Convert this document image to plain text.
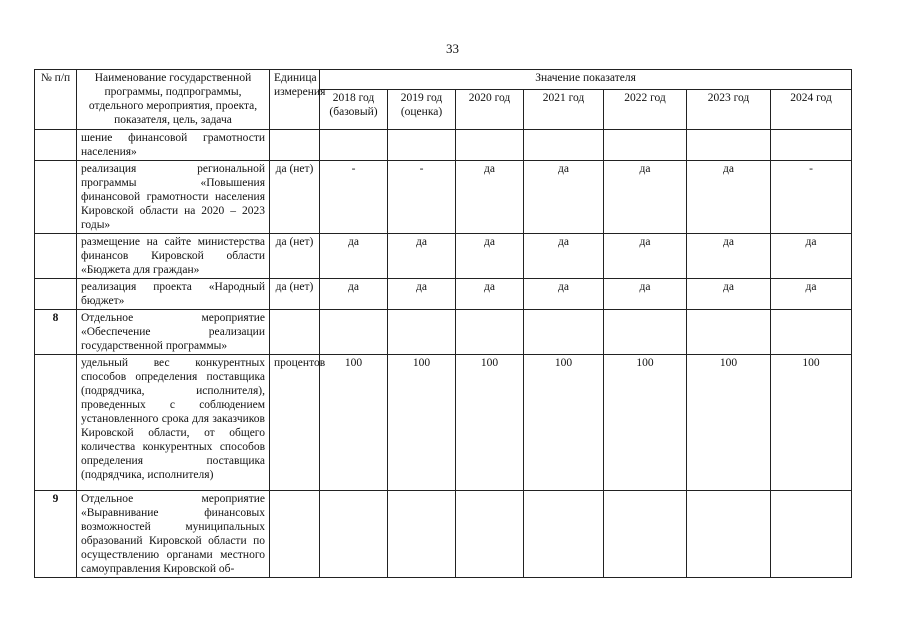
33
№ п/п	Наименование государственной программы, подпрограммы, отдельного мероприятия, проекта, показателя, цель, задача	Единица измерения	Значение показателя						
			2018 год (базовый)	2019 год (оценка)	2020 год	2021 год	2022 год	2023 год	2024 год
	шение финансовой грамотности населения»								
	реализация региональной программы «Повышения финансовой грамотности населения Кировской области на 2020 – 2023 годы»	да (нет)	-	-	да	да	да	да	-
	размещение на сайте министерства финансов Кировской области «Бюджета для граждан»	да (нет)	да	да	да	да	да	да	да
	реализация проекта «Народный бюджет»	да (нет)	да	да	да	да	да	да	да
8	Отдельное мероприятие «Обеспечение реализации государственной программы»								
	удельный вес конкурентных способов определения поставщика (подрядчика, исполнителя), проведенных с соблюдением установленного срока для заказчиков Кировской области, от общего количества конкурентных способов определения поставщика (подрядчика, исполнителя)	процентов	100	100	100	100	100	100	100
9	Отдельное мероприятие «Выравнивание финансовых возможностей муниципальных образований Кировской области по осуществлению органами местного самоуправления Кировской об-								
